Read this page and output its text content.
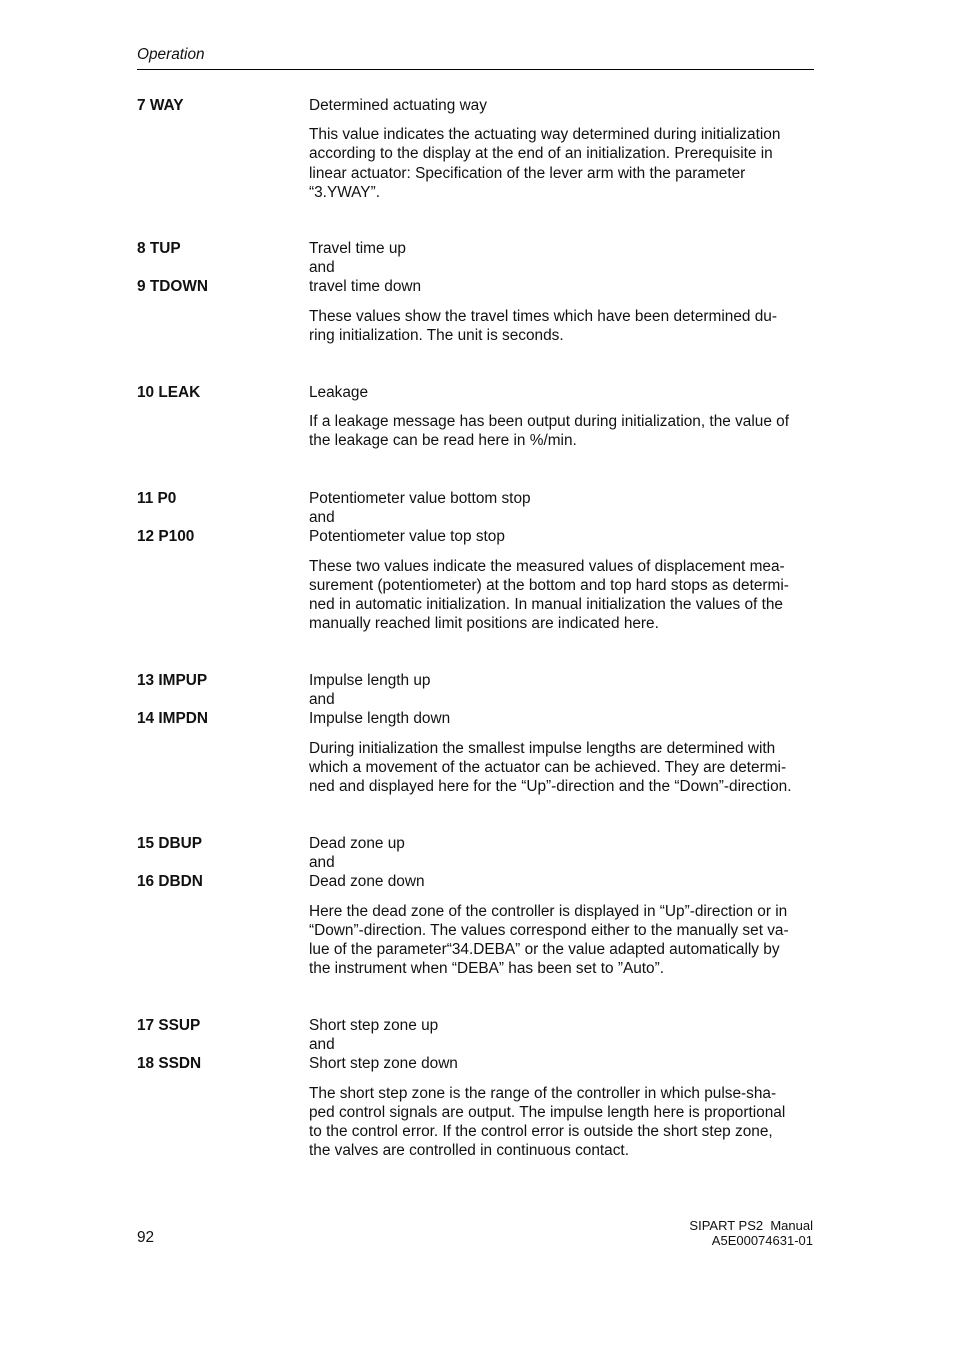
Operation
7 WAY	Determined actuating way
This value indicates the actuating way determined during initialization
according to the display at the end of an initialization. Prerequisite in
linear actuator: Specification of the lever arm with the parameter
“3.YWAY”.
8 TUP	Travel time up
and
9 TDOWN	travel time down
These values show the travel times which have been determined du-
ring initialization. The unit is seconds.
10 LEAK	Leakage
If a leakage message has been output during initialization, the value of
the leakage can be read here in %/min.
11 P0	Potentiometer value bottom stop
and
12 P100	Potentiometer value top stop
These two values indicate the measured values of displacement mea-
surement (potentiometer) at the bottom and top hard stops as determi-
ned in automatic initialization. In manual initialization the values of the
manually reached limit positions are indicated here.
13 IMPUP	Impulse length up
and
14 IMPDN	Impulse length down
During initialization the smallest impulse lengths are determined with
which a movement of the actuator can be achieved. They are determi-
ned and displayed here for the “Up”-direction and the “Down”-direction.
15 DBUP	Dead zone up
and
16 DBDN	Dead zone down
Here the dead zone of the controller is displayed in “Up”-direction or in
“Down”-direction. The values correspond either to the manually set va-
lue of the parameter“34.DEBA” or the value adapted automatically by
the instrument when “DEBA” has been set to ”Auto”.
17 SSUP	Short step zone up
and
18 SSDN	Short step zone down
The short step zone is the range of the controller in which pulse-sha-
ped control signals are output. The impulse length here is proportional
to the control error. If the control error is outside the short step zone,
the valves are controlled in continuous contact.
92
SIPART PS2  Manual
A5E00074631-01
